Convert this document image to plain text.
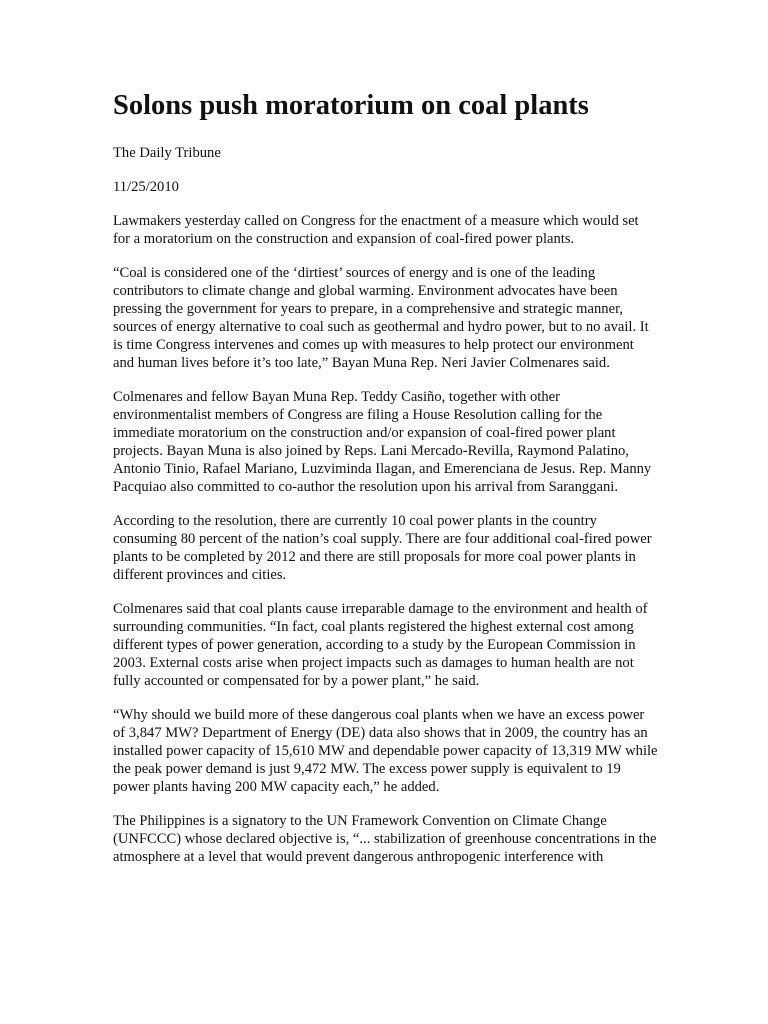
Solons push moratorium on coal plants
The Daily Tribune
11/25/2010

Lawmakers yesterday called on Congress for the enactment of a measure which would set for a moratorium on the construction and expansion of coal-fired power plants.

“Coal is considered one of the ‘dirtiest’ sources of energy and is one of the leading contributors to climate change and global warming. Environment advocates have been pressing the government for years to prepare, in a comprehensive and strategic manner, sources of energy alternative to coal such as geothermal and hydro power, but to no avail. It is time Congress intervenes and comes up with measures to help protect our environment and human lives before it’s too late,” Bayan Muna Rep. Neri Javier Colmenares said.

Colmenares and fellow Bayan Muna Rep. Teddy Casiño, together with other environmentalist members of Congress are filing a House Resolution calling for the immediate moratorium on the construction and/or expansion of coal-fired power plant projects. Bayan Muna is also joined by Reps. Lani Mercado-Revilla, Raymond Palatino, Antonio Tinio, Rafael Mariano, Luzviminda Ilagan, and Emerenciana de Jesus. Rep. Manny Pacquiao also committed to co-author the resolution upon his arrival from Saranggani.

According to the resolution, there are currently 10 coal power plants in the country consuming 80 percent of the nation’s coal supply. There are four additional coal-fired power plants to be completed by 2012 and there are still proposals for more coal power plants in different provinces and cities.

Colmenares said that coal plants cause irreparable damage to the environment and health of surrounding communities. “In fact, coal plants registered the highest external cost among different types of power generation, according to a study by the European Commission in 2003. External costs arise when project impacts such as damages to human health are not fully accounted or compensated for by a power plant,” he said.

“Why should we build more of these dangerous coal plants when we have an excess power of 3,847 MW? Department of Energy (DE) data also shows that in 2009, the country has an installed power capacity of 15,610 MW and dependable power capacity of 13,319 MW while the peak power demand is just 9,472 MW. The excess power supply is equivalent to 19 power plants having 200 MW capacity each,” he added.

The Philippines is a signatory to the UN Framework Convention on Climate Change (UNFCCC) whose declared objective is, “... stabilization of greenhouse concentrations in the atmosphere at a level that would prevent dangerous anthropogenic interference with
